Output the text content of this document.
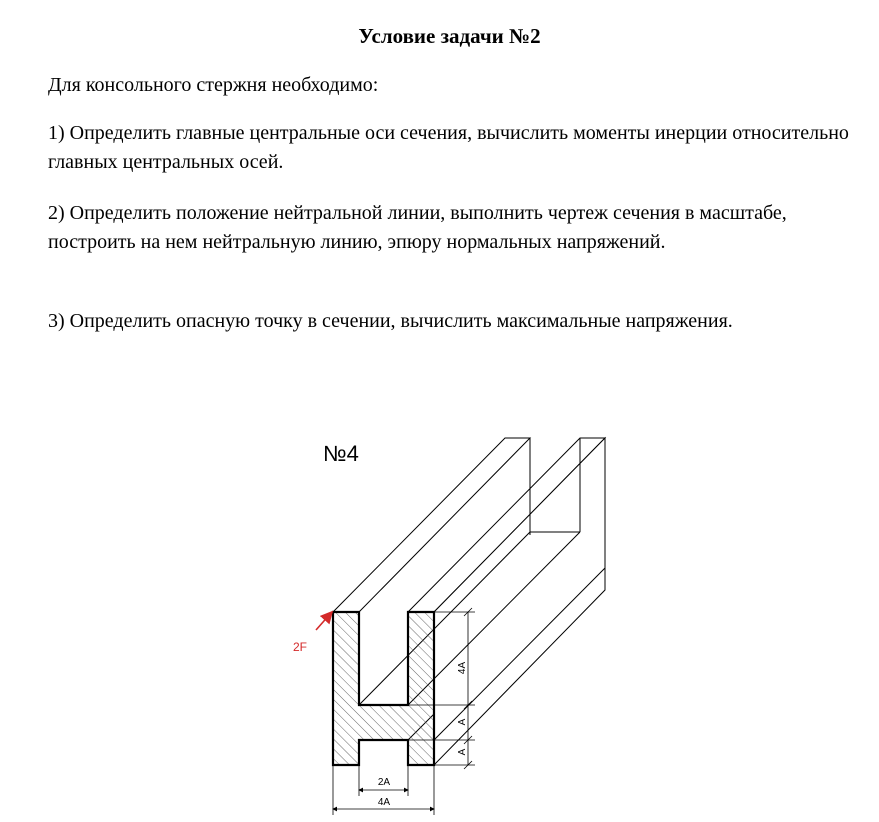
Условие задачи №2

Для консольного стержня необходимо:

1) Определить главные центральные оси сечения, вычислить моменты инерции относительно главных центральных осей.

2) Определить положение нейтральной линии, выполнить чертеж сечения в масштабе, построить на нем нейтральную линию, эпюру нормальных напряжений.

3) Определить опасную точку в сечении, вычислить максимальные напряжения.

№4
2F
4A
A
A
2A
4A
